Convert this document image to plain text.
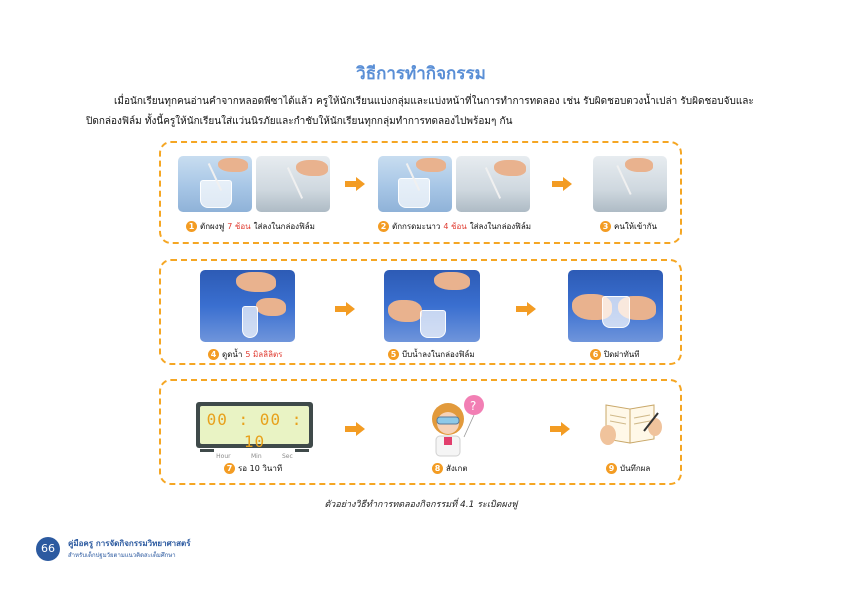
วิธีการทำกิจกรรม

เมื่อนักเรียนทุกคนอ่านคำจากหลอดพีซาได้แล้ว ครูให้นักเรียนแบ่งกลุ่มและแบ่งหน้าที่ในการทำการทดลอง เช่น รับผิดชอบตวงน้ำเปล่า รับผิดชอบจับและปิดกล่องฟิล์ม ทั้งนี้ครูให้นักเรียนใส่แว่นนิรภัยและกำชับให้นักเรียนทุกกลุ่มทำการทดลองไปพร้อมๆ กัน

1 ตักผงฟู 7 ช้อน ใส่ลงในกล่องฟิล์ม	2 ตักกรดมะนาว 4 ช้อน ใส่ลงในกล่องฟิล์ม	3 คนให้เข้ากัน
4 ดูดน้ำ 5 มิลลิลิตร	5 บีบน้ำลงในกล่องฟิล์ม	6 ปิดฝาทันที
00 : 00 : 10
Hour	Min	Sec
?
7 รอ 10 วินาที	8 สังเกต	9 บันทึกผล
ตัวอย่างวิธีทำการทดลองกิจกรรมที่ 4.1 ระเบิดผงฟู
66	คู่มือครู การจัดกิจกรรมวิทยาศาสตร์
สำหรับเด็กปฐมวัยตามแนวคิดสะเต็มศึกษา
